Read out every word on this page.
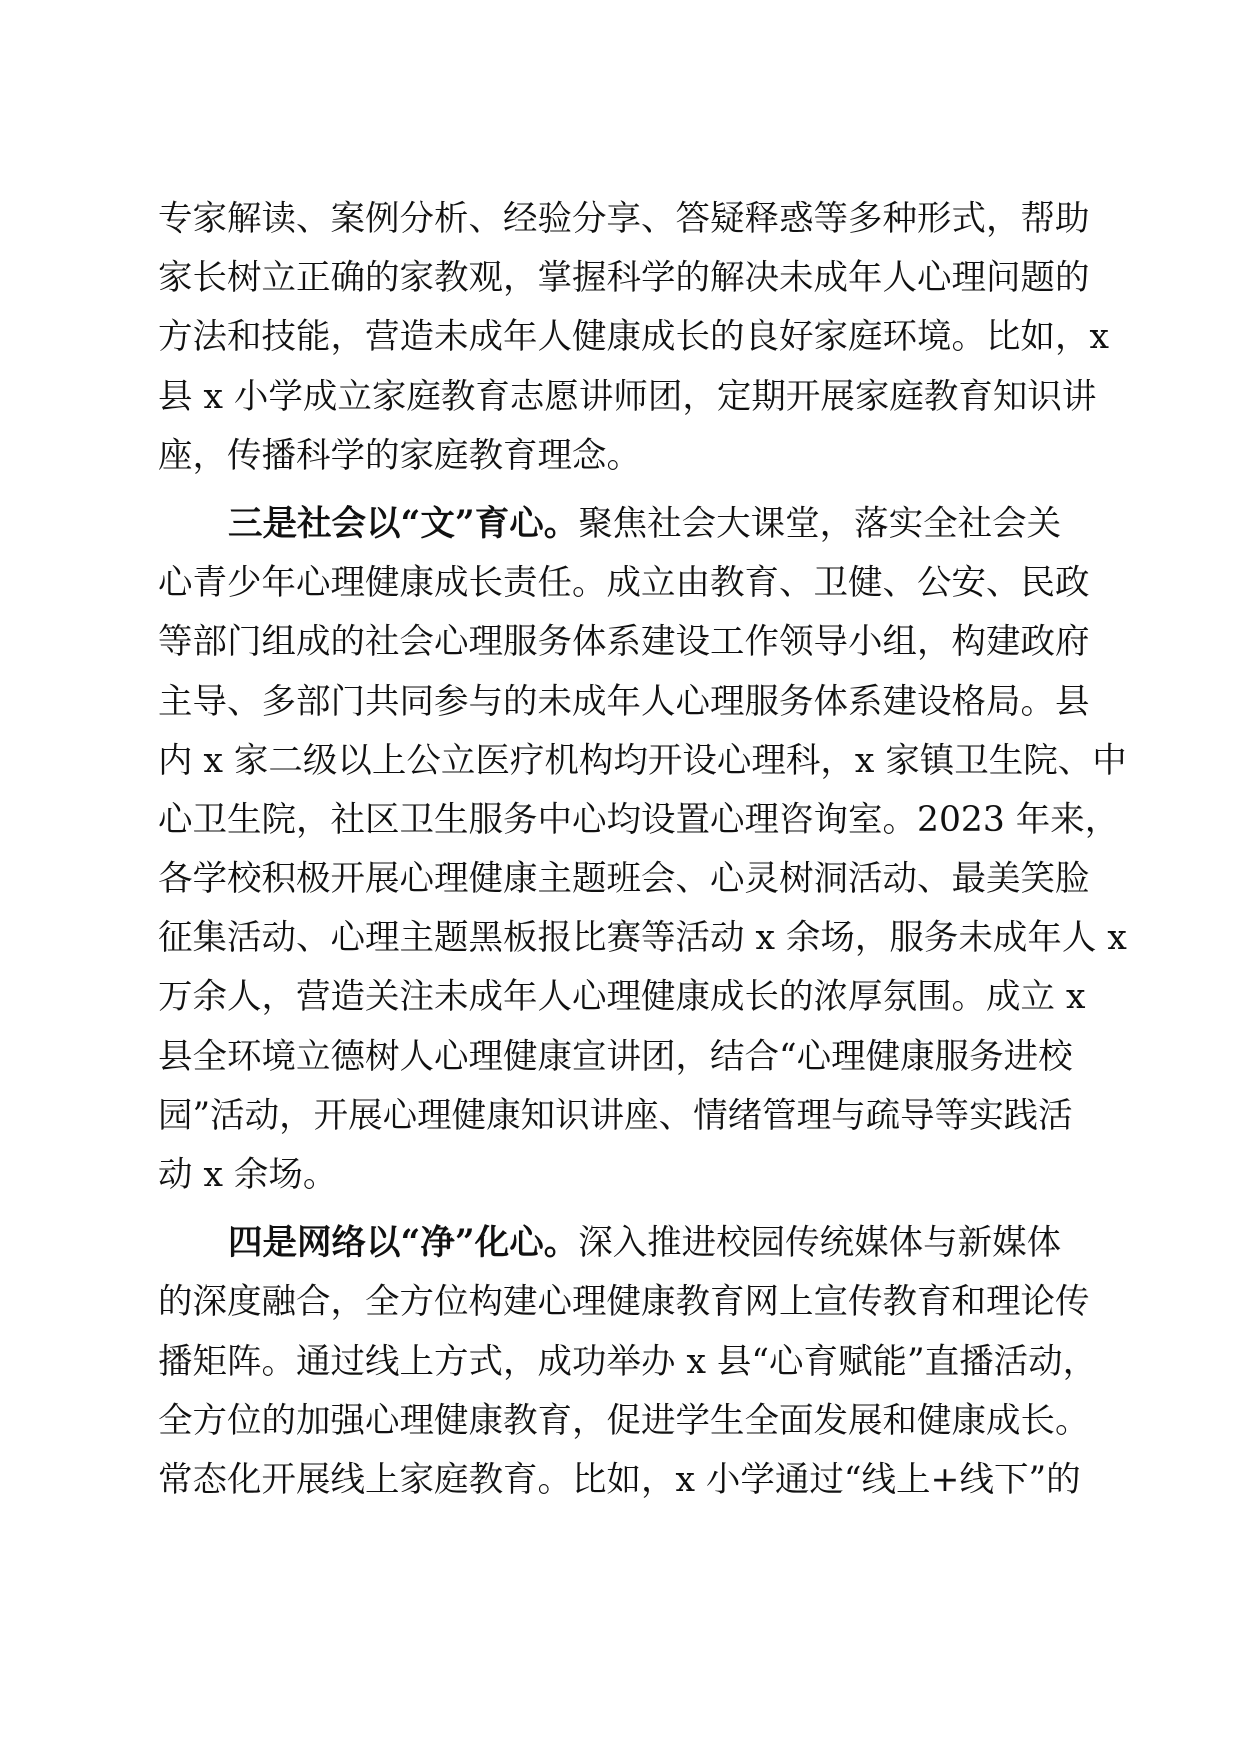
专家解读、案例分析、经验分享、答疑释惑等多种形式，帮助
家长树立正确的家教观，掌握科学的解决未成年人心理问题的
方法和技能，营造未成年人健康成长的良好家庭环境。比如，x
县 x 小学成立家庭教育志愿讲师团，定期开展家庭教育知识讲
座，传播科学的家庭教育理念。
三是社会以“文”育心。聚焦社会大课堂，落实全社会关
心青少年心理健康成长责任。成立由教育、卫健、公安、民政
等部门组成的社会心理服务体系建设工作领导小组，构建政府
主导、多部门共同参与的未成年人心理服务体系建设格局。县
内 x 家二级以上公立医疗机构均开设心理科，x 家镇卫生院、中
心卫生院，社区卫生服务中心均设置心理咨询室。2023 年来，
各学校积极开展心理健康主题班会、心灵树洞活动、最美笑脸
征集活动、心理主题黑板报比赛等活动 x 余场，服务未成年人 x
万余人，营造关注未成年人心理健康成长的浓厚氛围。成立 x
县全环境立德树人心理健康宣讲团，结合“心理健康服务进校
园”活动，开展心理健康知识讲座、情绪管理与疏导等实践活
动 x 余场。
四是网络以“净”化心。深入推进校园传统媒体与新媒体
的深度融合，全方位构建心理健康教育网上宣传教育和理论传
播矩阵。通过线上方式，成功举办 x 县“心育赋能”直播活动，
全方位的加强心理健康教育，促进学生全面发展和健康成长。
常态化开展线上家庭教育。比如，x 小学通过“线上+线下”的
